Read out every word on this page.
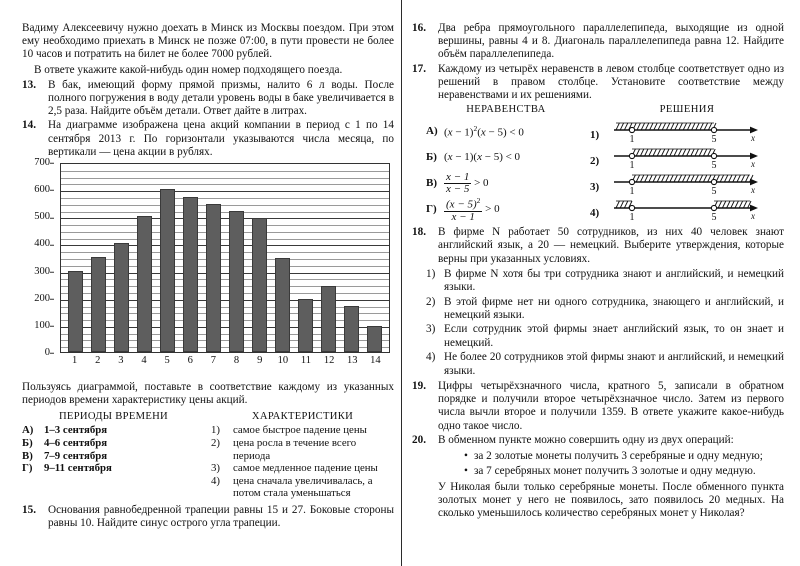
Вадиму Алексеевичу нужно доехать в Минск из Москвы поездом. При этом ему необходимо приехать в Минск не позже 07:00, в пути провести не более 10 часов и потратить на билет не более 7000 рублей.

В ответе укажите какой-нибудь один номер подходящего поезда.

13.	В бак, имеющий форму прямой призмы, налито 6 л воды. После полного погружения в воду детали уровень воды в баке увеличивается в 2,5 раза. Найдите объём детали. Ответ дайте в литрах.
14.	На диаграмме изображена цена акций компании в период с 1 по 14 сентября 2013 г. По горизонтали указываются числа месяца, по вертикали — цена акции в рублях.
0
100
200
300
400
500
600
700
1	2	3	4	5	6	7	8	9	10 11 12 13 14

Пользуясь диаграммой, поставьте в соответствие каждому из указанных периодов времени характеристику цены акций.

ПЕРИОДЫ ВРЕМЕНИ
А) 1–3 сентября
Б)	4–6 сентября
В)	7–9 сентября
Г)	9–11 сентября
ХАРАКТЕРИСТИКИ
1)	самое быстрое падение цены
2)	цена росла в течение всего периода
3)	самое медленное падение цены
4)	цена сначала увеличивалась, а потом стала уменьшаться
15.	Основания равнобедренной трапеции равны 15 и 27. Боковые стороны равны 10. Найдите синус острого угла трапеции.
16.	Два ребра прямоугольного параллелепипеда, выходящие из одной вершины, равны 4 и 8. Диагональ параллелепипеда равна 12. Найдите объём параллелепипеда.
17.	Каждому из четырёх неравенств в левом столбце соответствует одно из решений в правом столбце. Установите соответствие между неравенствами и их решениями.
НЕРАВЕНСТВА
А) $(x - 1)^2(x - 5) < 0$
Б) (x − 1)(x − 5) < 0
$В) \frac{x - 1}{x - 5} > 0$
$Г) \frac{(x - 5)^2}{x - 1} > 0$
РЕШЕНИЯ
1)	1	5	x
2)	1	5	x
3)	1	5	x
4)	1	5	x
18.	В фирме N работает 50 сотрудников, из них 40 человек знают английский язык, а 20 — немецкий. Выберите утверждения, которые верны при указанных условиях.
1) В фирме N хотя бы три сотрудника знают и английский, и немецкий языки.
2) В этой фирме нет ни одного сотрудника, знающего и английский, и немецкий языки.
3) Если сотрудник этой фирмы знает английский язык, то он знает и немецкий.
4) Не более 20 сотрудников этой фирмы знают и английский, и немецкий языки.
19.	Цифры четырёхзначного числа, кратного 5, записали в обратном порядке и получили второе четырёхзначное число. Затем из первого числа вычли второе и получили 1359. В ответе укажите какое-нибудь одно такое число.
20.	В обменном пункте можно совершить одну из двух операций:
• за 2 золотые монеты получить 3 серебряные и одну медную;
• за 7 серебряных монет получить 3 золотые и одну медную.

У Николая были только серебряные монеты. После обменного пункта золотых монет у него не появилось, зато появилось 20 медных. На сколько уменьшилось количество серебряных монет у Николая?
